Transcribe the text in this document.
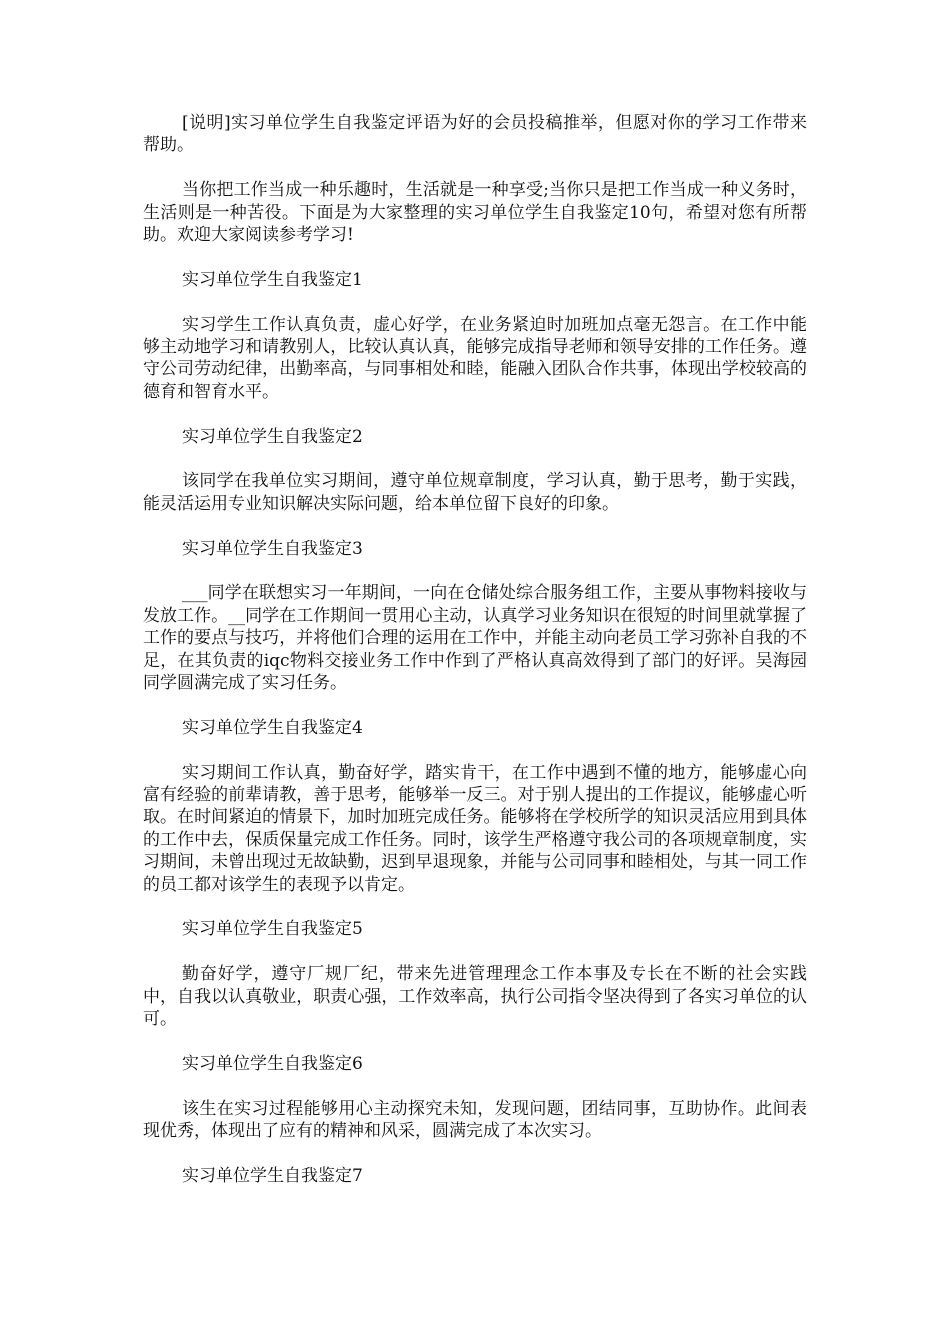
[说明]实习单位学生自我鉴定评语为好的会员投稿推举，但愿对你的学习工作带来帮助。

当你把工作当成一种乐趣时，生活就是一种享受;当你只是把工作当成一种义务时，生活则是一种苦役。下面是为大家整理的实习单位学生自我鉴定10句，希望对您有所帮助。欢迎大家阅读参考学习!

实习单位学生自我鉴定1

实习学生工作认真负责，虚心好学，在业务紧迫时加班加点毫无怨言。在工作中能够主动地学习和请教别人，比较认真认真，能够完成指导老师和领导安排的工作任务。遵守公司劳动纪律，出勤率高，与同事相处和睦，能融入团队合作共事，体现出学校较高的德育和智育水平。

实习单位学生自我鉴定2

该同学在我单位实习期间，遵守单位规章制度，学习认真，勤于思考，勤于实践，能灵活运用专业知识解决实际问题，给本单位留下良好的印象。

实习单位学生自我鉴定3

___同学在联想实习一年期间，一向在仓储处综合服务组工作，主要从事物料接收与发放工作。__同学在工作期间一贯用心主动，认真学习业务知识在很短的时间里就掌握了工作的要点与技巧，并将他们合理的运用在工作中，并能主动向老员工学习弥补自我的不足，在其负责的iqc物料交接业务工作中作到了严格认真高效得到了部门的好评。吴海园同学圆满完成了实习任务。

实习单位学生自我鉴定4

实习期间工作认真，勤奋好学，踏实肯干，在工作中遇到不懂的地方，能够虚心向富有经验的前辈请教，善于思考，能够举一反三。对于别人提出的工作提议，能够虚心听取。在时间紧迫的情景下，加时加班完成任务。能够将在学校所学的知识灵活应用到具体的工作中去，保质保量完成工作任务。同时，该学生严格遵守我公司的各项规章制度，实习期间，未曾出现过无故缺勤，迟到早退现象，并能与公司同事和睦相处，与其一同工作的员工都对该学生的表现予以肯定。

实习单位学生自我鉴定5

勤奋好学，遵守厂规厂纪，带来先进管理理念工作本事及专长在不断的社会实践中，自我以认真敬业，职责心强，工作效率高，执行公司指令坚决得到了各实习单位的认可。

实习单位学生自我鉴定6

该生在实习过程能够用心主动探究未知，发现问题，团结同事，互助协作。此间表现优秀，体现出了应有的精神和风采，圆满完成了本次实习。

实习单位学生自我鉴定7
